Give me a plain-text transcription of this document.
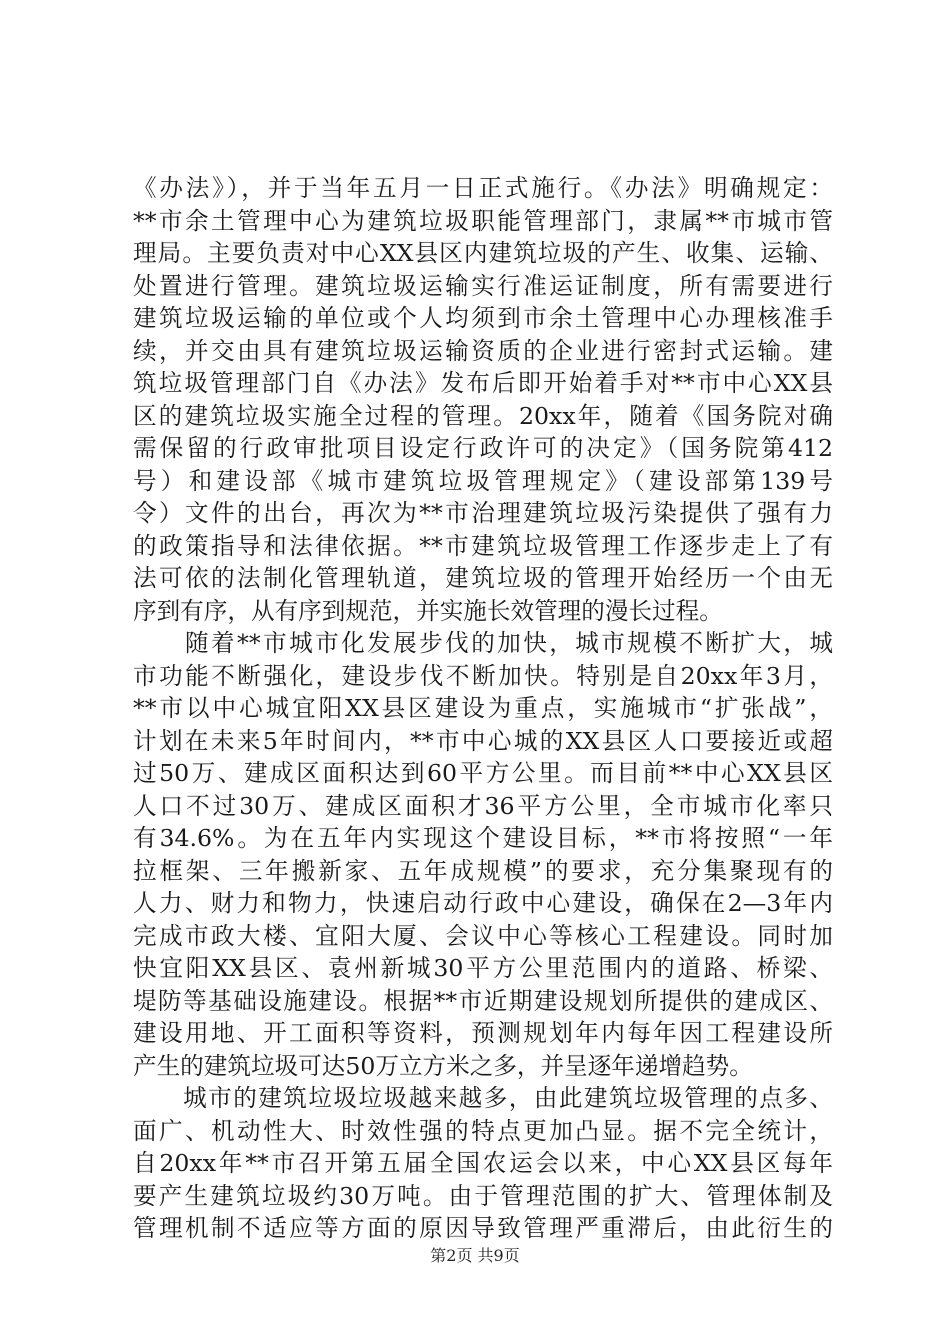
《办法》），并于当年五月一日正式施行。《办法》明确规定：
**市余土管理中心为建筑垃圾职能管理部门，隶属**市城市管
理局。主要负责对中心XX县区内建筑垃圾的产生、收集、运输、
处置进行管理。建筑垃圾运输实行准运证制度，所有需要进行
建筑垃圾运输的单位或个人均须到市余土管理中心办理核准手
续，并交由具有建筑垃圾运输资质的企业进行密封式运输。建
筑垃圾管理部门自《办法》发布后即开始着手对**市中心XX县
区的建筑垃圾实施全过程的管理。20xx年，随着《国务院对确
需保留的行政审批项目设定行政许可的决定》（国务院第412
号）和建设部《城市建筑垃圾管理规定》（建设部第139号
令）文件的出台，再次为**市治理建筑垃圾污染提供了强有力
的政策指导和法律依据。**市建筑垃圾管理工作逐步走上了有
法可依的法制化管理轨道，建筑垃圾的管理开始经历一个由无
序到有序，从有序到规范，并实施长效管理的漫长过程。
　　随着**市城市化发展步伐的加快，城市规模不断扩大，城
市功能不断强化，建设步伐不断加快。特别是自20xx年3月，
**市以中心城宜阳XX县区建设为重点，实施城市“扩张战”，
计划在未来5年时间内，**市中心城的XX县区人口要接近或超
过50万、建成区面积达到60平方公里。而目前**中心XX县区
人口不过30万、建成区面积才36平方公里，全市城市化率只
有34.6%。为在五年内实现这个建设目标，**市将按照“一年
拉框架、三年搬新家、五年成规模”的要求，充分集聚现有的
人力、财力和物力，快速启动行政中心建设，确保在2—3年内
完成市政大楼、宜阳大厦、会议中心等核心工程建设。同时加
快宜阳XX县区、袁州新城30平方公里范围内的道路、桥梁、
堤防等基础设施建设。根据**市近期建设规划所提供的建成区、
建设用地、开工面积等资料，预测规划年内每年因工程建设所
产生的建筑垃圾可达50万立方米之多，并呈逐年递增趋势。
　　城市的建筑垃圾垃圾越来越多，由此建筑垃圾管理的点多、
面广、机动性大、时效性强的特点更加凸显。据不完全统计，
自20xx年**市召开第五届全国农运会以来，中心XX县区每年
要产生建筑垃圾约30万吨。由于管理范围的扩大、管理体制及
管理机制不适应等方面的原因导致管理严重滞后，由此衍生的
第2页 共9页
